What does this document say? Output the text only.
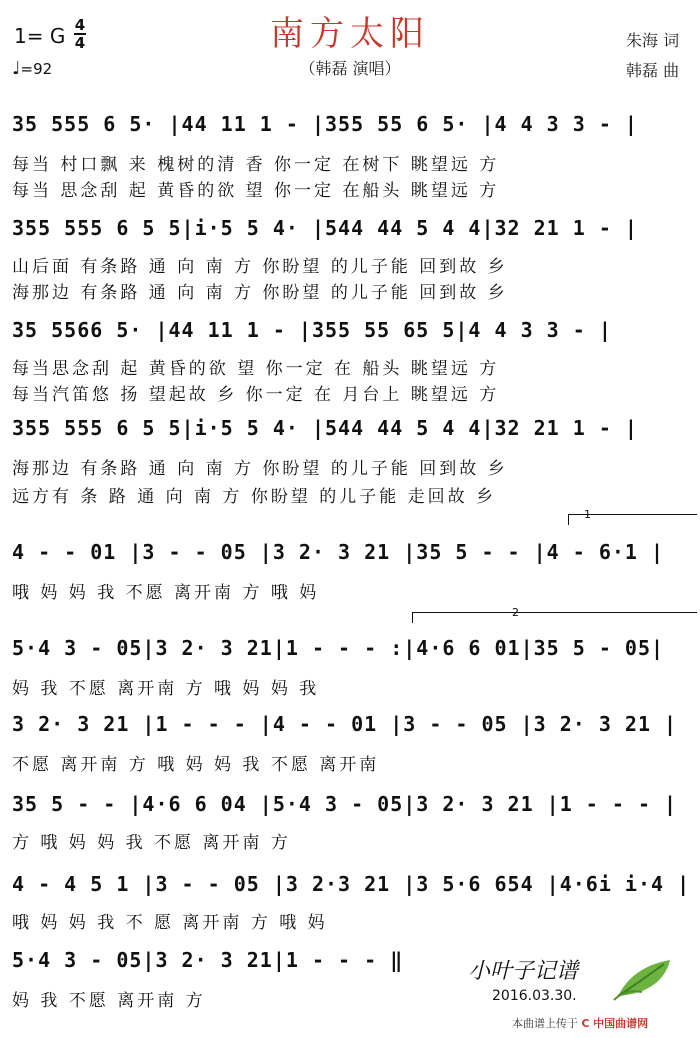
南方太阳
（韩磊 演唱）
1= G 4
4
♩=92
朱海 词
韩磊 曲
35 555 6 5· |44 11 1 - |355 55 6 5· |4 4 3 3 - |
每当 村口飘 来 槐树的清 香 你一定 在树下 眺望远 方
每当 思念刮 起 黄昏的欲 望 你一定 在船头 眺望远 方
355 555 6 5 5|i·5 5 4· |544 44 5 4 4|32 21 1 - |
山后面 有条路 通 向 南 方 你盼望 的儿子能 回到故 乡
海那边 有条路 通 向 南 方 你盼望 的儿子能 回到故 乡
35 5566 5· |44 11 1 - |355 55 65 5|4 4 3 3 - |
每当思念刮 起 黄昏的欲 望 你一定 在 船头 眺望远 方
每当汽笛悠 扬 望起故 乡 你一定 在 月台上 眺望远 方
355 555 6 5 5|i·5 5 4· |544 44 5 4 4|32 21 1 - |
海那边 有条路 通 向 南 方 你盼望 的儿子能 回到故 乡
远方有 条 路 通 向 南 方 你盼望 的儿子能 走回故 乡
1
4 - - 01 |3 - - 05 |3 2· 3 21 |35 5 - - |4 - 6·1 |
哦 妈 妈 我 不愿 离开南 方 哦 妈
2
5·4 3 - 05|3 2· 3 21|1 - - - :|4·6 6 01|35 5 - 05|
妈 我 不愿 离开南 方 哦 妈 妈 我
3 2· 3 21 |1 - - - |4 - - 01 |3 - - 05 |3 2· 3 21 |
不愿 离开南 方 哦 妈 妈 我 不愿 离开南
35 5 - - |4·6 6 04 |5·4 3 - 05|3 2· 3 21 |1 - - - |
方 哦 妈 妈 我 不愿 离开南 方
4 - 4 5 1 |3 - - 05 |3 2·3 21 |3 5·6 654 |4·6i i·4 |
哦 妈 妈 我 不 愿 离开南 方 哦 妈
5·4 3 - 05|3 2· 3 21|1 - - - ‖
妈 我 不愿 离开南 方
小叶子记谱
2016.03.30.
本曲谱上传于 C 中国曲谱网
